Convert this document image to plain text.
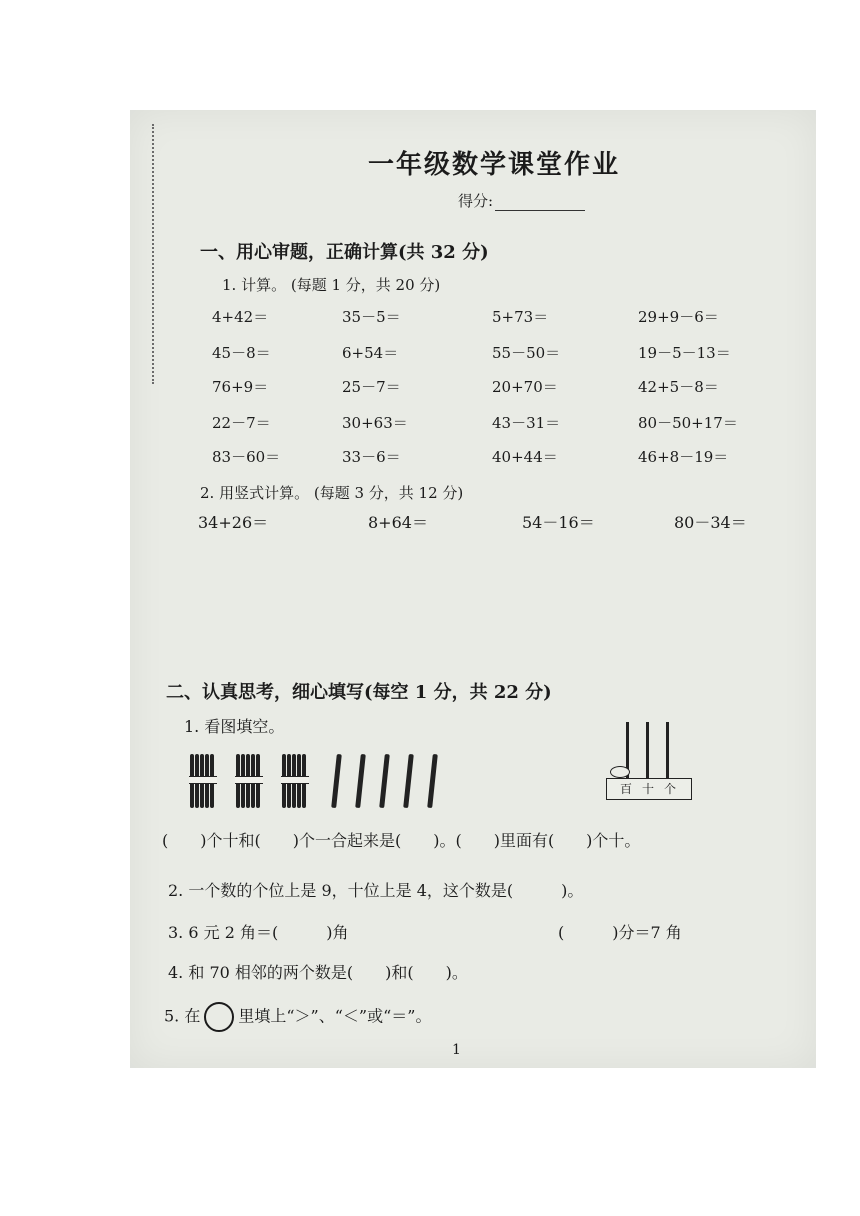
一年级数学课堂作业
得分:
一、用心审题，正确计算(共 32 分)
1. 计算。 (每题 1 分，共 20 分)
4+42＝	35－5＝	5+73＝	29+9－6＝
45－8＝	6+54＝	55－50＝	19－5－13＝
76+9＝	25－7＝	20+70＝	42+5－8＝
22－7＝	30+63＝	43－31＝	80－50+17＝
83－60＝	33－6＝	40+44＝	46+8－19＝
2. 用竖式计算。 (每题 3 分，共 12 分)
34+26＝	8+64＝	54－16＝	80－34＝
二、认真思考，细心填写(每空 1 分，共 22 分)
1. 看图填空。
百 十 个
(　　)个十和(　　)个一合起来是(　　)。(　　)里面有(　　)个十。
2. 一个数的个位上是 9，十位上是 4，这个数是(　　　)。
3. 6 元 2 角＝(　　　)角	(　　　)分＝7 角
4. 和 70 相邻的两个数是(　　)和(　　)。
5. 在 里填上“＞”、“＜”或“＝”。
1
